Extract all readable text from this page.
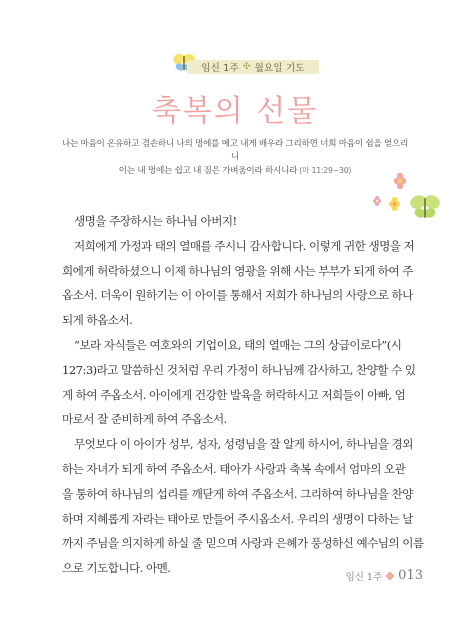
임신 1주 ✣ 월요일 기도
축복의 선물
나는 마음이 온유하고 겸손하니 나의 멍에를 메고 내게 배우라 그리하면 너희 마음이 쉼을 얻으리니
이는 내 멍에는 쉽고 내 짐은 가벼움이라 하시니라 (마 11:29~30)
생명을 주장하시는 하나님 아버지!
저희에게 가정과 태의 열매를 주시니 감사합니다. 이렇게 귀한 생명을 저
희에게 허락하셨으니 이제 하나님의 영광을 위해 사는 부부가 되게 하여 주
옵소서. 더욱이 원하기는 이 아이를 통해서 저희가 하나님의 사랑으로 하나
되게 하옵소서.
“보라 자식들은 여호와의 기업이요, 태의 열매는 그의 상급이로다”(시
127:3)라고 말씀하신 것처럼 우리 가정이 하나님께 감사하고, 찬양할 수 있
게 하여 주옵소서. 아이에게 건강한 발육을 허락하시고 저희들이 아빠, 엄
마로서 잘 준비하게 하여 주옵소서.
무엇보다 이 아이가 성부, 성자, 성령님을 잘 알게 하시어, 하나님을 경외
하는 자녀가 되게 하여 주옵소서. 태아가 사랑과 축복 속에서 엄마의 오관
을 통하여 하나님의 섭리를 깨닫게 하여 주옵소서. 그리하여 하나님을 찬양
하며 지혜롭게 자라는 태아로 만들어 주시옵소서. 우리의 생명이 다하는 날
까지 주님을 의지하게 하실 줄 믿으며 사랑과 은혜가 풍성하신 예수님의 이름
으로 기도합니다. 아멘.
임신 1주 013
